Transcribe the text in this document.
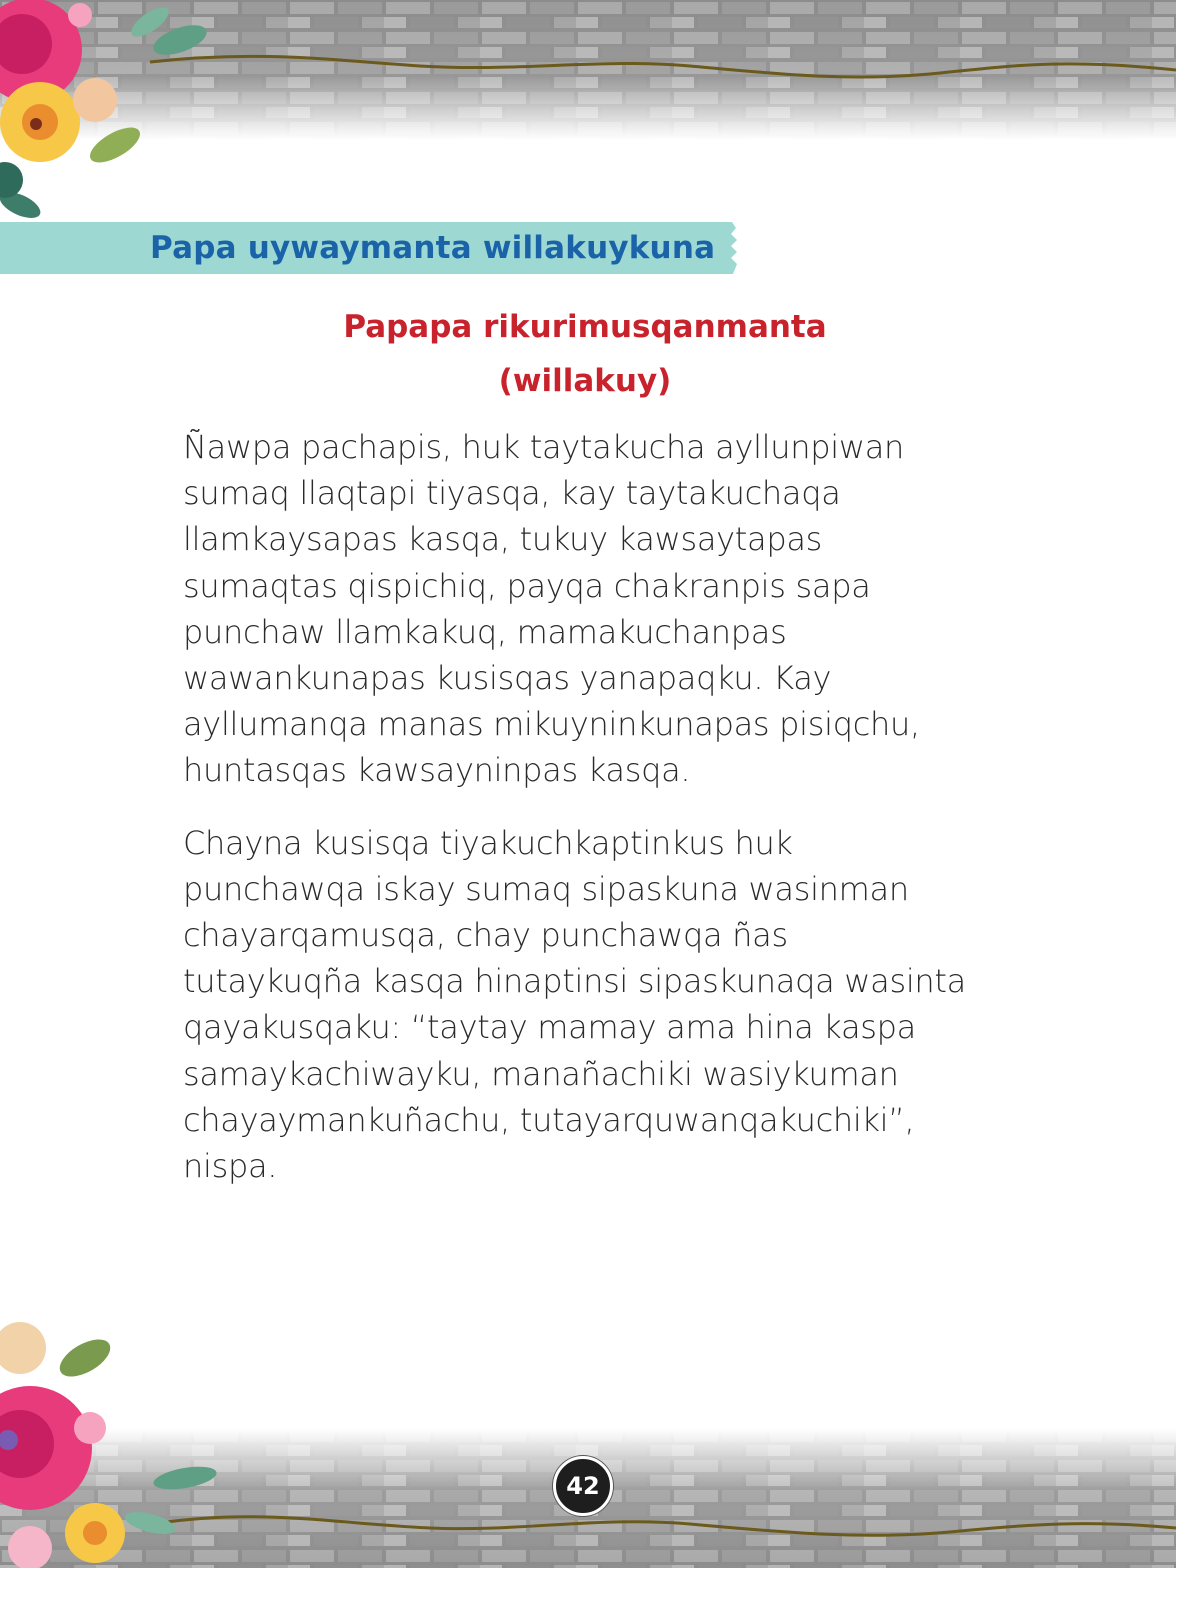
Papa uywaymanta willakuykuna
Papapa rikurimusqanmanta
(willakuy)
Ñawpa pachapis, huk taytakucha ayllunpiwan
sumaq llaqtapi tiyasqa, kay taytakuchaqa
llamkaysapas kasqa, tukuy kawsaytapas
sumaqtas qispichiq, payqa chakranpis sapa
punchaw llamkakuq, mamakuchanpas
wawankunapas kusisqas yanapaqku. Kay
ayllumanqa manas mikuyninkunapas pisiqchu,
huntasqas kawsayninpas kasqa.
Chayna kusisqa tiyakuchkaptinkus huk
punchawqa iskay sumaq sipaskuna wasinman
chayarqamusqa, chay punchawqa ñas
tutaykuqña kasqa hinaptinsi sipaskunaqa wasinta
qayakusqaku: “taytay mamay ama hina kaspa
samaykachiwayku, manañachiki wasiykuman
chayaymankuñachu, tutayarquwanqakuchiki”,
nispa.
42
